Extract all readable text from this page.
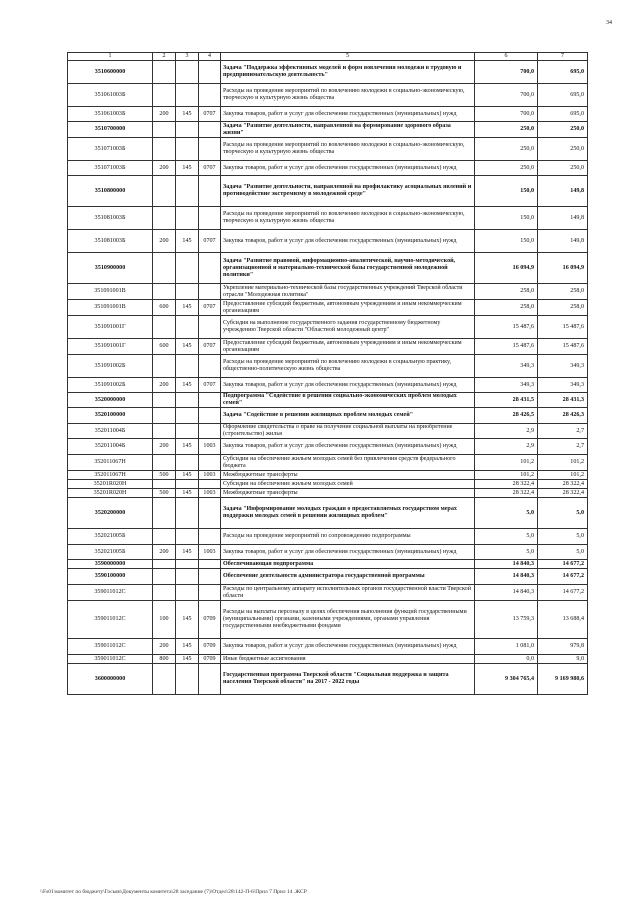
34
1	2	3	4	5	6	7
3510600000				Задача "Поддержка эффективных моделей и форм вовлечения молодежи в трудовую и предпринимательскую деятельность"	700,0	695,0
351061003Б				Расходы на проведение мероприятий по вовлечению молодежи в социально-экономическую, творческую и культурную жизнь общества	700,0	695,0
351061003Б	200	145	0707	Закупка товаров, работ и услуг для обеспечения государственных (муниципальных) нужд	700,0	695,0
3510700000				Задача "Развитие деятельности, направленной на формирование здорового образа жизни"	250,0	250,0
351071003Б				Расходы на проведение мероприятий по вовлечению молодежи в социально-экономическую, творческую и культурную жизнь общества	250,0	250,0
351071003Б	200	145	0707	Закупка товаров, работ и услуг для обеспечения государственных (муниципальных) нужд	250,0	250,0
3510800000				Задача "Развитие деятельности, направленной на профилактику асоциальных явлений и противодействие экстремизму в молодежной среде"	150,0	149,8
351081003Б				Расходы на проведение мероприятий по вовлечению молодежи в социально-экономическую, творческую и культурную жизнь общества	150,0	149,8
351081003Б	200	145	0707	Закупка товаров, работ и услуг для обеспечения государственных (муниципальных) нужд	150,0	149,8
3510900000				Задача "Развитие правовой, информационно-аналитической, научно-методической, организационной и материально-технической базы государственной молодежной политики"	16 094,9	16 094,9
351091001В				Укрепление материально-технической базы государственных учреждений Тверской области отрасли "Молодежная политика"	258,0	258,0
351091001В	600	145	0707	Предоставление субсидий бюджетным, автономным учреждениям и иным некоммерческим организациям	258,0	258,0
351091001Г				Субсидия на выполнение государственного задания государственному бюджетному учреждению Тверской области "Областной молодежный центр"	15 487,6	15 487,6
351091001Г	600	145	0707	Предоставление субсидий бюджетным, автономным учреждениям и иным некоммерческим организациям	15 487,6	15 487,6
351091002Б				Расходы на проведение мероприятий по вовлечению молодежи в социальную практику, общественно-политическую жизнь общества	349,3	349,3
351091002Б	200	145	0707	Закупка товаров, работ и услуг для обеспечения государственных (муниципальных) нужд	349,3	349,3
3520000000				Подпрограмма "Содействие в решении социально-экономических проблем молодых семей"	28 431,5	28 431,3
3520100000				Задача "Содействие в решении жилищных проблем молодых семей"	28 426,5	28 426,3
352011004Б				Оформление свидетельства о праве на получение социальной выплаты на приобретение (строительство) жилья	2,9	2,7
352011004Б	200	145	1003	Закупка товаров, работ и услуг для обеспечения государственных (муниципальных) нужд	2,9	2,7
352011067Н				Субсидии на обеспечение жильем молодых семей без привлечения средств федерального бюджета	101,2	101,2
352011067Н	500	145	1003	Межбюджетные трансферты	101,2	101,2
35201R020Н				Субсидии на обеспечение жильем молодых семей	28 322,4	28 322,4
35201R020Н	500	145	1003	Межбюджетные трансферты	28 322,4	28 322,4
3520200000				Задача "Информирование молодых граждан о предоставляемых государством мерах поддержки молодых семей в решении жилищных проблем"	5,0	5,0
352021005Б				Расходы на проведение мероприятий по сопровождению подпрограммы	5,0	5,0
352021005Б	200	145	1003	Закупка товаров, работ и услуг для обеспечения государственных (муниципальных) нужд	5,0	5,0
3590000000				Обеспечивающая подпрограмма	14 840,3	14 677,2
3590100000				Обеспечение деятельности администратора государственной программы	14 840,3	14 677,2
359011012С				Расходы по центральному аппарату исполнительных органов государственной власти Тверской области	14 840,3	14 677,2
359011012С	100	145	0709	Расходы на выплаты персоналу в целях обеспечения выполнения функций государственными (муниципальными) органами, казенными учреждениями, органами управления государственными внебюджетными фондами	13 759,3	13 688,4
359011012С	200	145	0709	Закупка товаров, работ и услуг для обеспечения государственных (муниципальных) нужд	1 081,0	979,8
359011012С	800	145	0709	Иные бюджетные ассигнования	0,0	9,0
3600000000				Государственная программа Тверской области "Социальная поддержка и защита населения Тверской области" на 2017 - 2022 годы	9 304 765,4	9 169 980,6
\\Fs01\комитет по бюджету\Госьян\Документы комитета\28 заседание (7)\Отдел\28\142-П-6\Прил 7 Прил 14 .ЖСР
